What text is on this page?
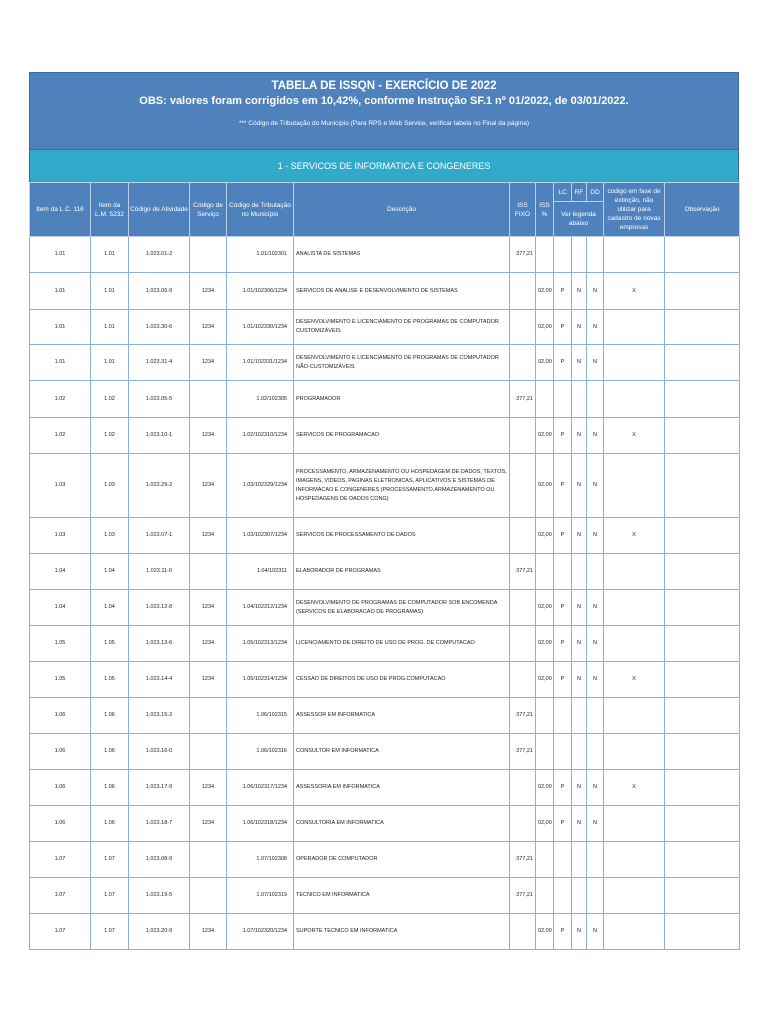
TABELA DE ISSQN - EXERCÍCIO DE 2022
OBS: valores foram corrigidos em 10,42%, conforme Instrução SF.1 nº 01/2022, de 03/01/2022.
*** Código de Tributação do Município (Para RPS e Web Service, verificar tabela no Final da página)
1 - SERVICOS DE INFORMATICA E CONGENERES
Item da L.C. 116	Item da L.M. 5232	Código de Atividade	Código de Serviço	Código de Tributação no Município	Descrição	ISS FIXO	ISS %	LC	RF	DD	codigo em fase de extinção, não utilizar para cadastro de novas empresas	Observação
								Ver legenda abaixo				
1.01	1.01	1.023.01-2		1.01/102301	ANALISTA DE SISTEMAS	377,21						
1.01	1.01	1.023.06-9	1234	1.01/102306/1234	SERVICOS DE ANALISE E DESENVOLVIMENTO DE SISTEMAS		02,00	P	N	N	X	
1.01	1.01	1.023.30-6	1234	1.01/102330/1234	DESENVOLVIMENTO E LICENCIAMENTO DE PROGRAMAS DE COMPUTADOR CUSTOMIZÁVEIS		02,00	P	N	N		
1.01	1.01	1.023.31-4	1234	1.01/102331/1234	DESENVOLVIMENTO E LICENCIAMENTO DE PROGRAMAS DE COMPUTADOR NÃO-CUSTOMIZÁVEIS		02,00	P	N	N		
1.02	1.02	1.023.05-5		1.02/102305	PROGRAMADOR	377,21						
1.02	1.02	1.023.10-1	1234	1.02/102310/1234	SERVICOS DE PROGRAMACAO		02,00	P	N	N	X	
1.03	1.03	1.023.29-2	1234	1.03/102329/1234	PROCESSAMENTO, ARMAZENAMENTO OU HOSPEDAGEM DE DADOS, TEXTOS, IMAGENS, VIDEOS, PAGINAS ELETRONICAS, APLICATIVOS E SISTEMAS DE INFORMACAO E CONGENERES (PROCESSAMENTO,ARMAZENAMENTO OU HOSPEDAGENS DE DADOS CONG)		02,00	P	N	N		
1.03	1.03	1.023.07-1	1234	1.03/102307/1234	SERVICOS DE PROCESSAMENTO DE DADOS		02,00	P	N	N	X	
1.04	1.04	1.023.11-0		1.04/102311	ELABORADOR DE PROGRAMAS	377,21						
1.04	1.04	1.023.12-8	1234	1.04/102312/1234	DESENVOLVIMENTO DE PROGRAMAS DE COMPUTADOR SOB ENCOMENDA (SERVICOS DE ELABORACAO DE PROGRAMAS)		02,00	P	N	N		
1.05	1.05	1.023.13-6	1234	1.05/102313/1234	LICENCIAMENTO DE DIREITO DE USO DE PROG. DE COMPUTACAO		02,00	P	N	N		
1.05	1.05	1.023.14-4	1234	1.05/102314/1234	CESSAO DE DIREITOS DE USO DE PROG.COMPUTACAO		02,00	P	N	N	X	
1.06	1.06	1.023.15-2		1.06/102315	ASSESSOR EM INFORMATICA	377,21						
1.06	1.06	1.023.16-0		1.06/102316	CONSULTOR EM INFORMATICA	377,21						
1.06	1.06	1.023.17-9	1234	1.06/102317/1234	ASSESSORIA EM INFORMATICA		02,00	P	N	N	X	
1.06	1.06	1.023.18-7	1234	1.06/102318/1234	CONSULTORIA EM INFORMATICA		02,00	P	N	N		
1.07	1.07	1.023.08-9		1.07/102308	OPERADOR DE COMPUTADOR	377,21						
1.07	1.07	1.023.19-5		1.07/102319	TECNICO EM INFORMATICA	377,21						
1.07	1.07	1.023.20-9	1234	1.07/102320/1234	SUPORTE TECNICO EM INFORMATICA		02,00	P	N	N		
